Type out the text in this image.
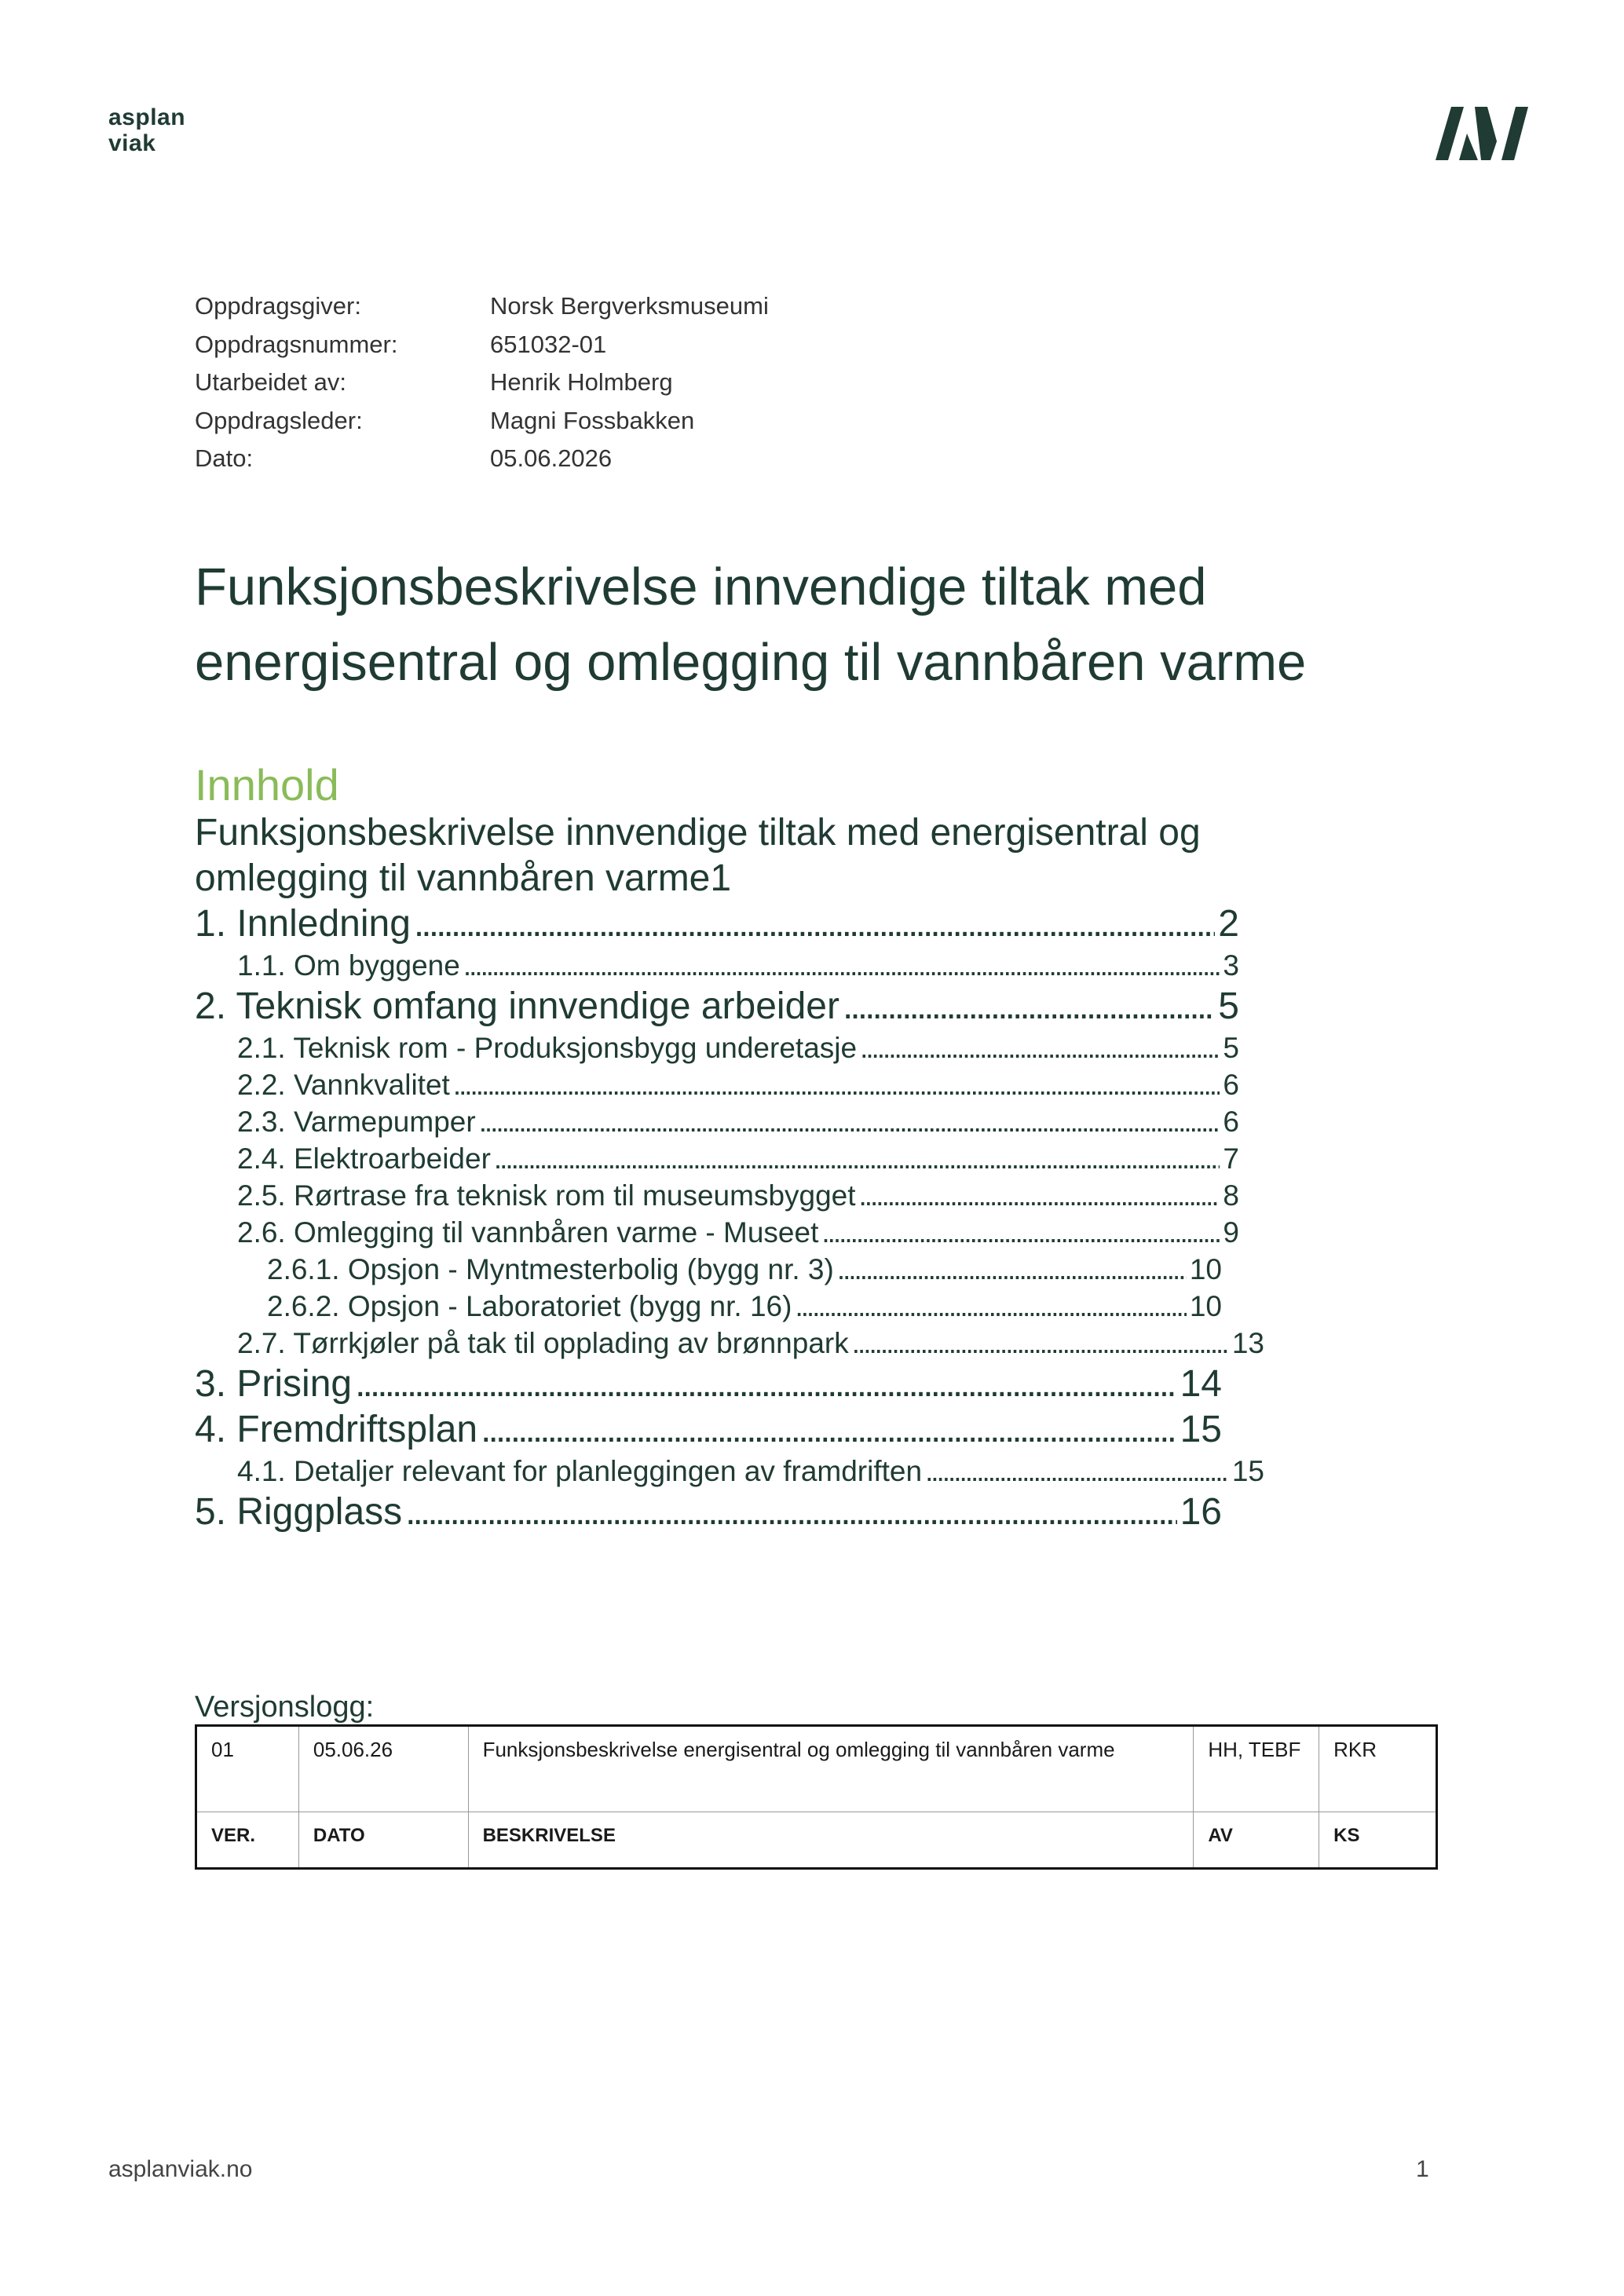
asplan
viak
Oppdragsgiver:	Norsk Bergverksmuseumi
Oppdragsnummer:	651032-01
Utarbeidet av:	Henrik Holmberg
Oppdragsleder:	Magni Fossbakken
Dato:	05.06.2026
Funksjonsbeskrivelse innvendige tiltak med energisentral og omlegging til vannbåren varme
Innhold
Funksjonsbeskrivelse innvendige tiltak med energisentral og
omlegging til vannbåren varme 1
1. Innledning . . .	2
1.1. Om byggene . . .	3
2. Teknisk omfang innvendige arbeider . . .	5
2.1. Teknisk rom - Produksjonsbygg underetasje . . .	5
2.2. Vannkvalitet . . .	6
2.3. Varmepumper . . .	6
2.4. Elektroarbeider . . .	7
2.5. Rørtrase fra teknisk rom til museumsbygget . . .	8
2.6. Omlegging til vannbåren varme - Museet . . .	9
2.6.1. Opsjon - Myntmesterbolig (bygg nr. 3) . . .	10
2.6.2. Opsjon - Laboratoriet (bygg nr. 16) . . .	10
2.7. Tørrkjøler på tak til opplading av brønnpark . . .	13
3. Prising . . .	14
4. Fremdriftsplan . . .	15
4.1. Detaljer relevant for planleggingen av framdriften . . .	15
5. Riggplass . . .	16
Versjonslogg:
01	05.06.26	Funksjonsbeskrivelse energisentral og omlegging til vannbåren varme	HH, TEBF	RKR
VER.	DATO	BESKRIVELSE	AV	KS
asplanviak.no	1
